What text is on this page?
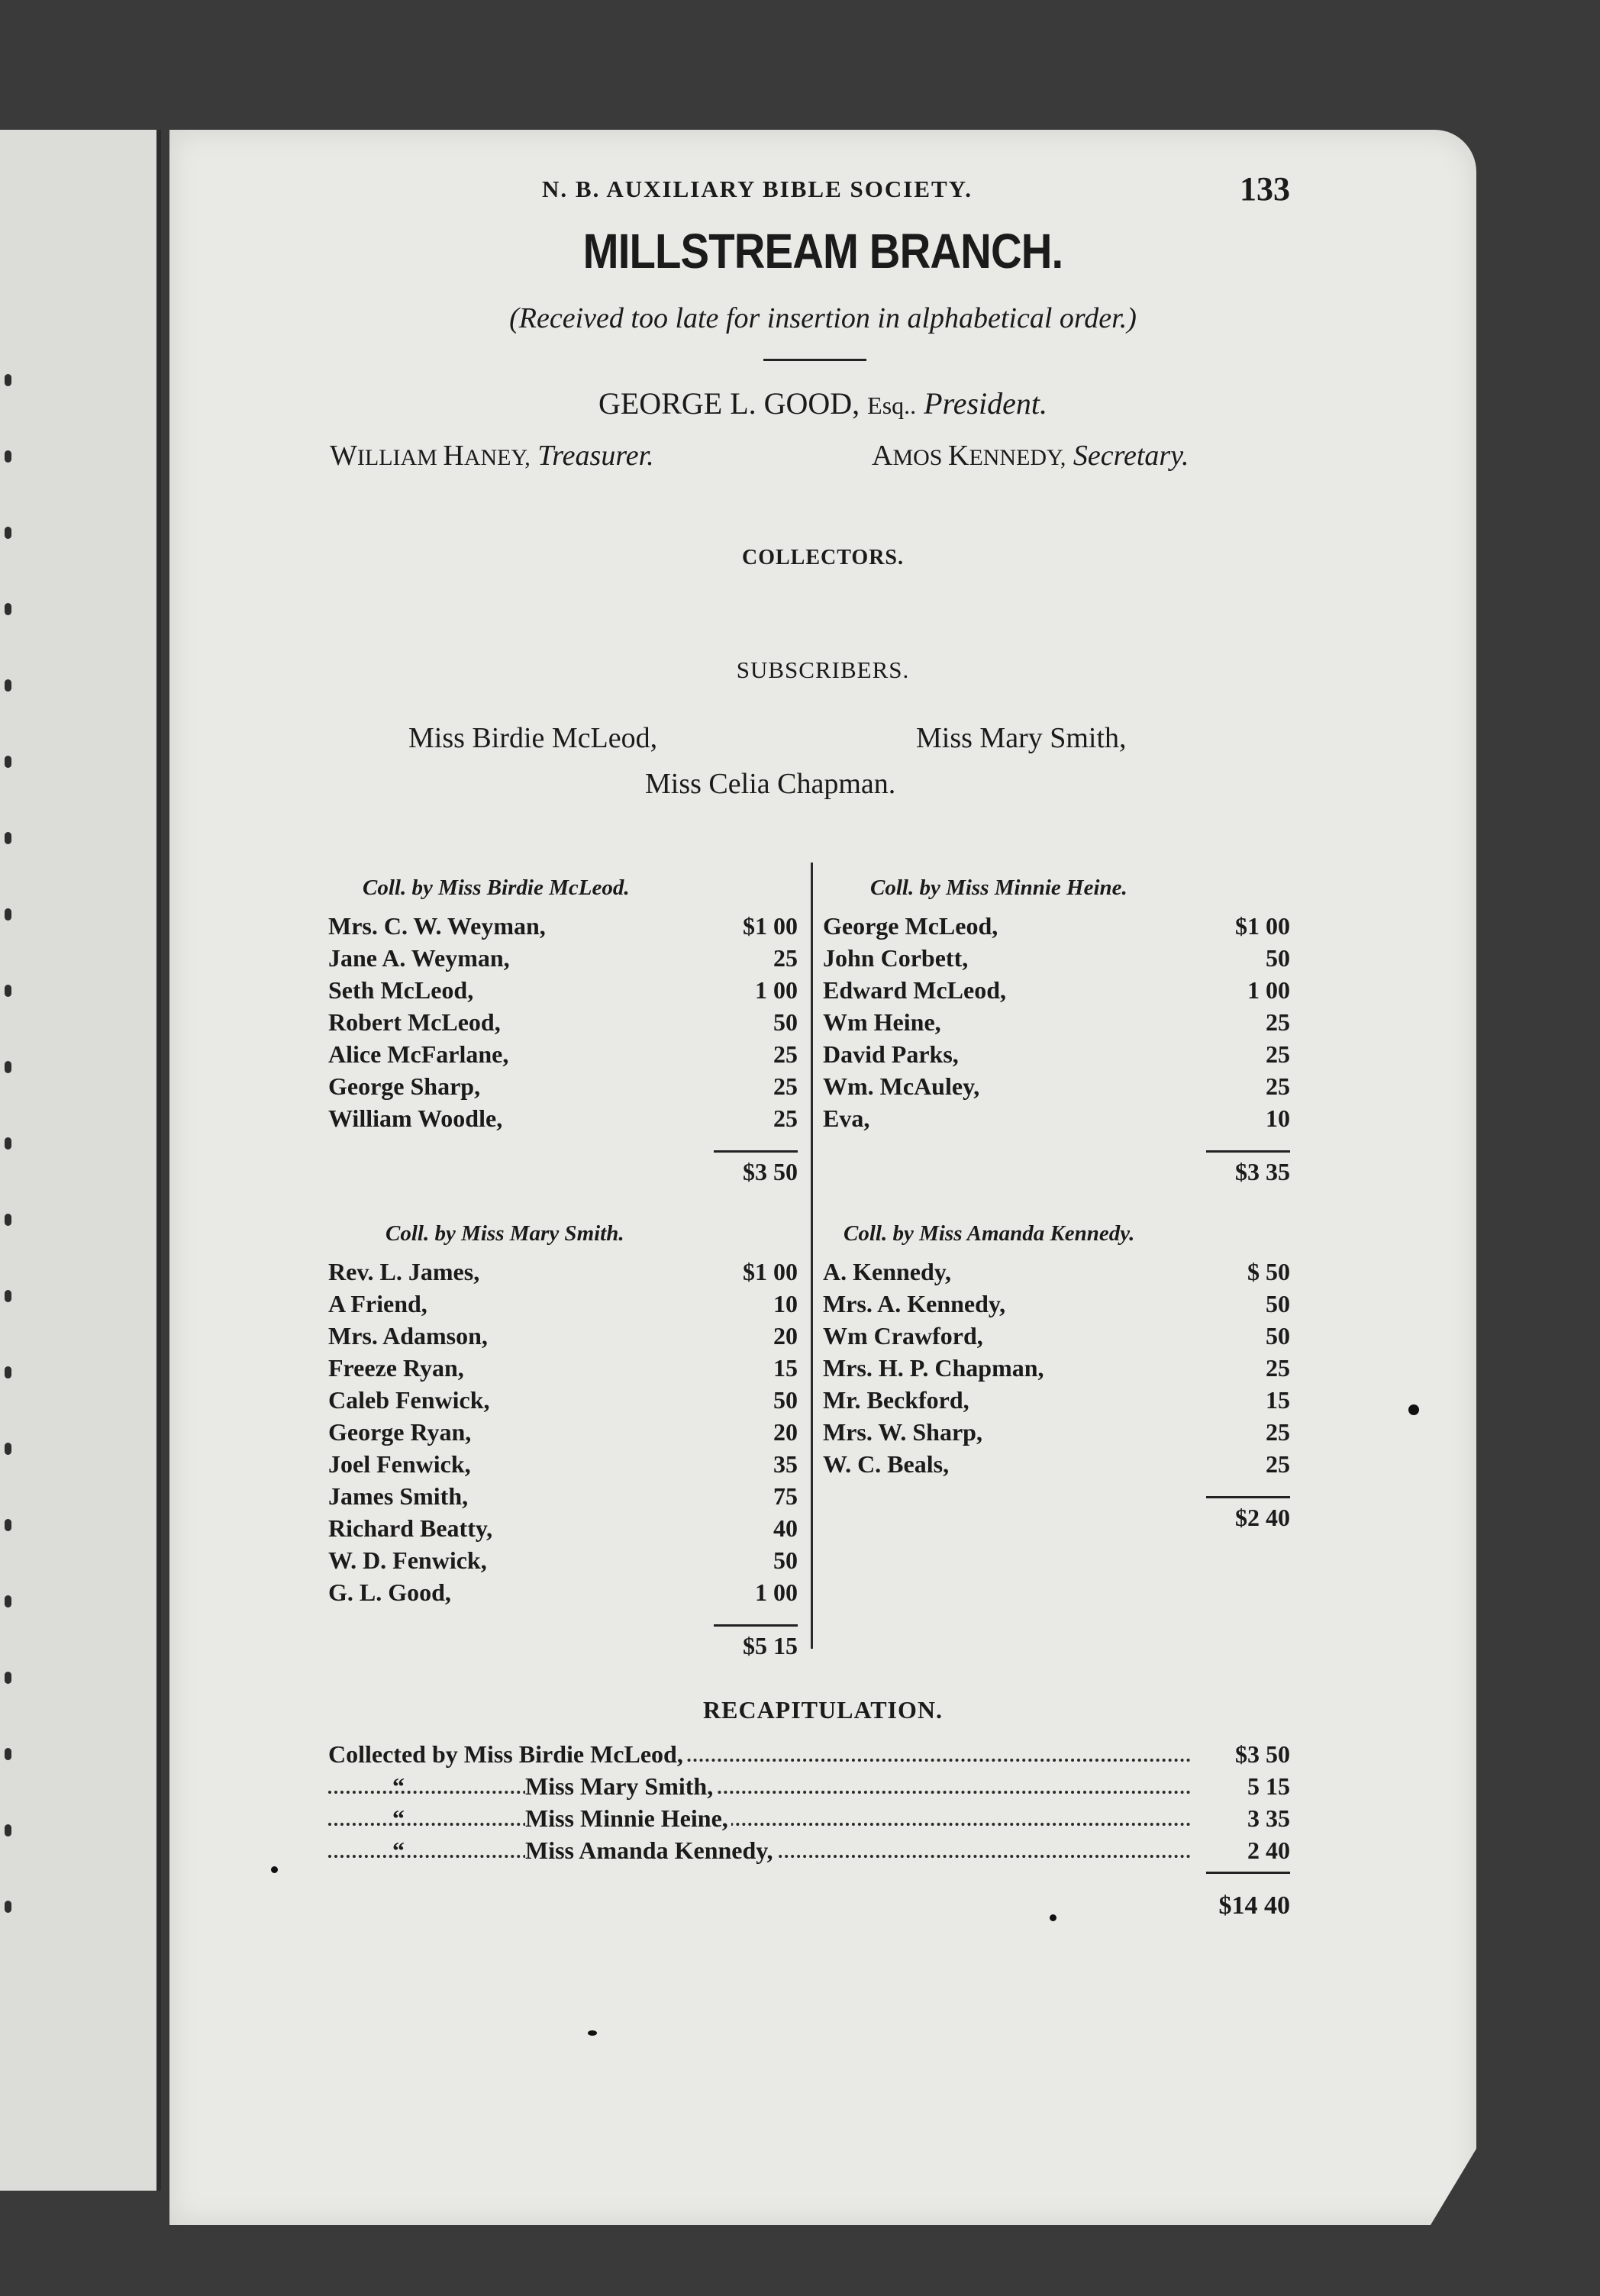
N. B. AUXILIARY BIBLE SOCIETY.	133
MILLSTREAM BRANCH.
(Received too late for insertion in alphabetical order.)
GEORGE L. GOOD, Esq.. President.
WILLIAM HANEY, Treasurer.	AMOS KENNEDY, Secretary.
COLLECTORS.
Miss Birdie McLeod,	Miss Mary Smith,
Miss Celia Chapman.
SUBSCRIBERS.
Coll. by Miss Birdie McLeod.
Mrs. C. W. Weyman,	$1 00
Jane A. Weyman,	25
Seth McLeod,	1 00
Robert McLeod,	50
Alice McFarlane,	25
George Sharp,	25
William Woodle,	25
$3 50
Coll. by Miss Minnie Heine.
George McLeod,	$1 00
John Corbett,	50
Edward McLeod,	1 00
Wm Heine,	25
David Parks,	25
Wm. McAuley,	25
Eva,	10
$3 35
Coll. by Miss Mary Smith.
Rev. L. James,	$1 00
A Friend,	10
Mrs. Adamson,	20
Freeze Ryan,	15
Caleb Fenwick,	50
George Ryan,	20
Joel Fenwick,	35
James Smith,	75
Richard Beatty,	40
W. D. Fenwick,	50
G. L. Good,	1 00
$5 15
Coll. by Miss Amanda Kennedy.
A. Kennedy,	$ 50
Mrs. A. Kennedy,	50
Wm Crawford,	50
Mrs. H. P. Chapman,	25
Mr. Beckford,	15
Mrs. W. Sharp,	25
W. C. Beals,	25
$2 40
RECAPITULATION.
Collected by Miss Birdie McLeod,	$3 50
“	Miss Mary Smith,	5 15
“	Miss Minnie Heine,	3 35
“	Miss Amanda Kennedy,	2 40
$14 40
